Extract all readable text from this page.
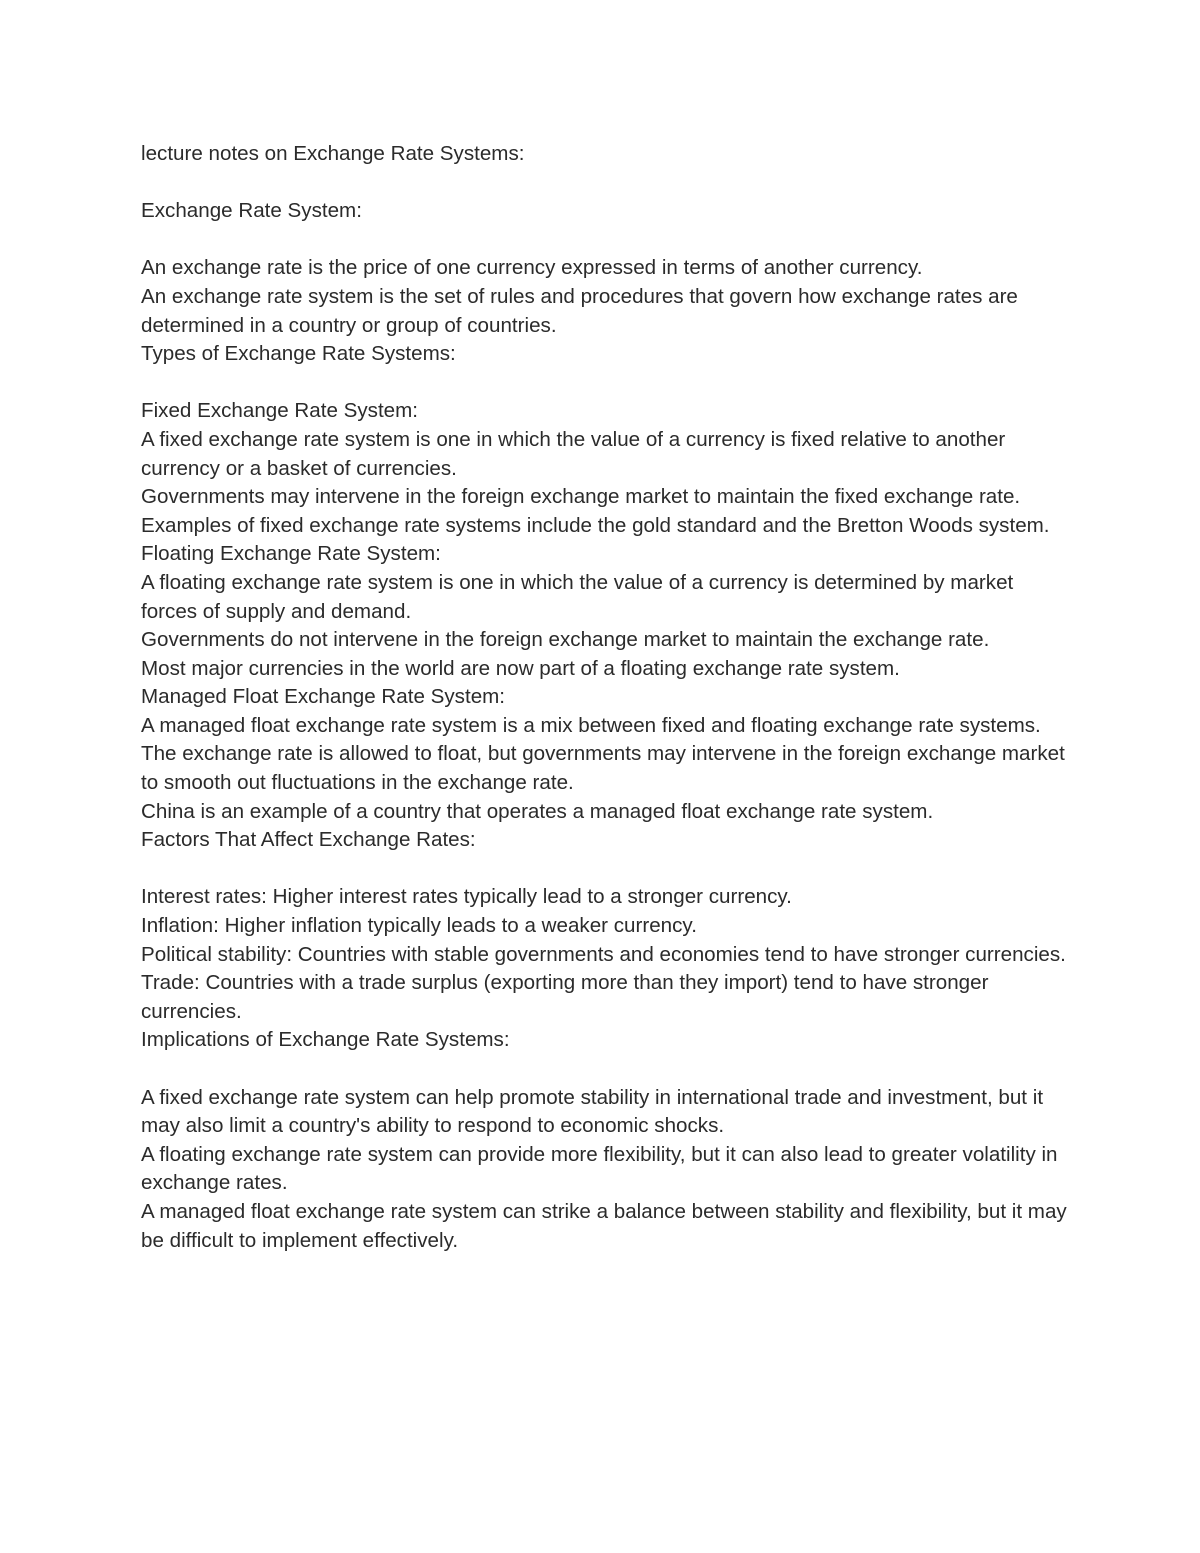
lecture notes on Exchange Rate Systems:

Exchange Rate System:

An exchange rate is the price of one currency expressed in terms of another currency.

An exchange rate system is the set of rules and procedures that govern how exchange rates are determined in a country or group of countries.

Types of Exchange Rate Systems:

Fixed Exchange Rate System:

A fixed exchange rate system is one in which the value of a currency is fixed relative to another currency or a basket of currencies.

Governments may intervene in the foreign exchange market to maintain the fixed exchange rate.

Examples of fixed exchange rate systems include the gold standard and the Bretton Woods system.

Floating Exchange Rate System:

A floating exchange rate system is one in which the value of a currency is determined by market forces of supply and demand.

Governments do not intervene in the foreign exchange market to maintain the exchange rate.

Most major currencies in the world are now part of a floating exchange rate system.

Managed Float Exchange Rate System:

A managed float exchange rate system is a mix between fixed and floating exchange rate systems.

The exchange rate is allowed to float, but governments may intervene in the foreign exchange market to smooth out fluctuations in the exchange rate.

China is an example of a country that operates a managed float exchange rate system.

Factors That Affect Exchange Rates:

Interest rates: Higher interest rates typically lead to a stronger currency.

Inflation: Higher inflation typically leads to a weaker currency.

Political stability: Countries with stable governments and economies tend to have stronger currencies.

Trade: Countries with a trade surplus (exporting more than they import) tend to have stronger currencies.

Implications of Exchange Rate Systems:

A fixed exchange rate system can help promote stability in international trade and investment, but it may also limit a country's ability to respond to economic shocks.

A floating exchange rate system can provide more flexibility, but it can also lead to greater volatility in exchange rates.

A managed float exchange rate system can strike a balance between stability and flexibility, but it may be difficult to implement effectively.
